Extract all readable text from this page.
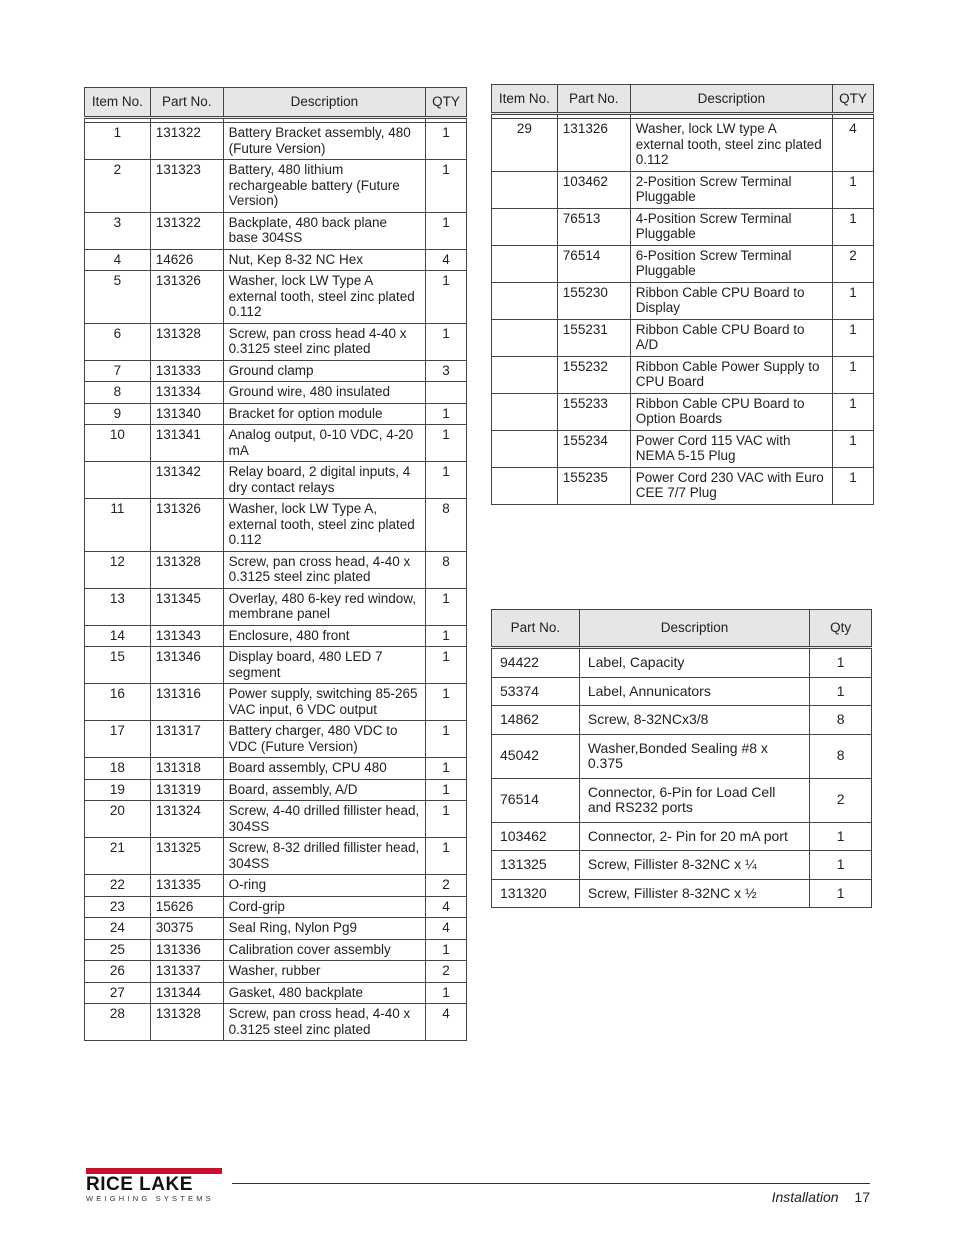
Item No.	Part No.	Description	QTY

1	131322	Battery Bracket assembly, 480 (Future Version)	1
2	131323	Battery, 480 lithium rechargeable battery (Future Version)	1
3	131322	Backplate, 480 back plane base 304SS	1
4	14626	Nut, Kep 8-32 NC Hex	4
5	131326	Washer, lock LW Type A external tooth, steel zinc plated 0.112	1
6	131328	Screw, pan cross head 4-40 x 0.3125 steel zinc plated	1
7	131333	Ground clamp	3
8	131334	Ground wire, 480 insulated	
9	131340	Bracket for option module	1
10	131341	Analog output, 0-10 VDC, 4-20 mA	1
	131342	Relay board, 2 digital inputs, 4 dry contact relays	1
11	131326	Washer, lock LW Type A, external tooth, steel zinc plated 0.112	8
12	131328	Screw, pan cross head, 4-40 x 0.3125 steel zinc plated	8
13	131345	Overlay, 480 6-key red window, membrane panel	1
14	131343	Enclosure, 480 front	1
15	131346	Display board, 480 LED 7 segment	1
16	131316	Power supply, switching 85-265 VAC input, 6 VDC output	1
17	131317	Battery charger, 480 VDC to VDC (Future Version)	1
18	131318	Board assembly, CPU 480	1
19	131319	Board, assembly, A/D	1
20	131324	Screw, 4-40 drilled fillister head, 304SS	1
21	131325	Screw, 8-32 drilled fillister head, 304SS	1
22	131335	O-ring	2
23	15626	Cord-grip	4
24	30375	Seal Ring, Nylon Pg9	4
25	131336	Calibration cover assembly	1
26	131337	Washer, rubber	2
27	131344	Gasket, 480 backplate	1
28	131328	Screw, pan cross head, 4-40 x 0.3125 steel zinc plated	4
Item No.	Part No.	Description	QTY

29	131326	Washer, lock LW type A external tooth, steel zinc plated 0.112	4
	103462	2-Position Screw Terminal Pluggable	1
	76513	4-Position Screw Terminal Pluggable	1
	76514	6-Position Screw Terminal Pluggable	2
	155230	Ribbon Cable CPU Board to Display	1
	155231	Ribbon Cable CPU Board to A/D	1
	155232	Ribbon Cable Power Supply to CPU Board	1
	155233	Ribbon Cable CPU Board to Option Boards	1
	155234	Power Cord 115 VAC with NEMA 5-15 Plug	1
	155235	Power Cord 230 VAC with Euro CEE 7/7 Plug	1
Part No.	Description	Qty
94422	Label, Capacity	1
53374	Label, Annunicators	1
14862	Screw, 8-32NCx3/8	8
45042	Washer,Bonded Sealing #8 x 0.375	8
76514	Connector, 6-Pin for Load Cell and RS232 ports	2
103462	Connector, 2- Pin for 20 mA port	1
131325	Screw, Fillister 8-32NC x ¼	1
131320	Screw, Fillister 8-32NC x ½	1
RICE LAKE
WEIGHING SYSTEMS	Installation 17
